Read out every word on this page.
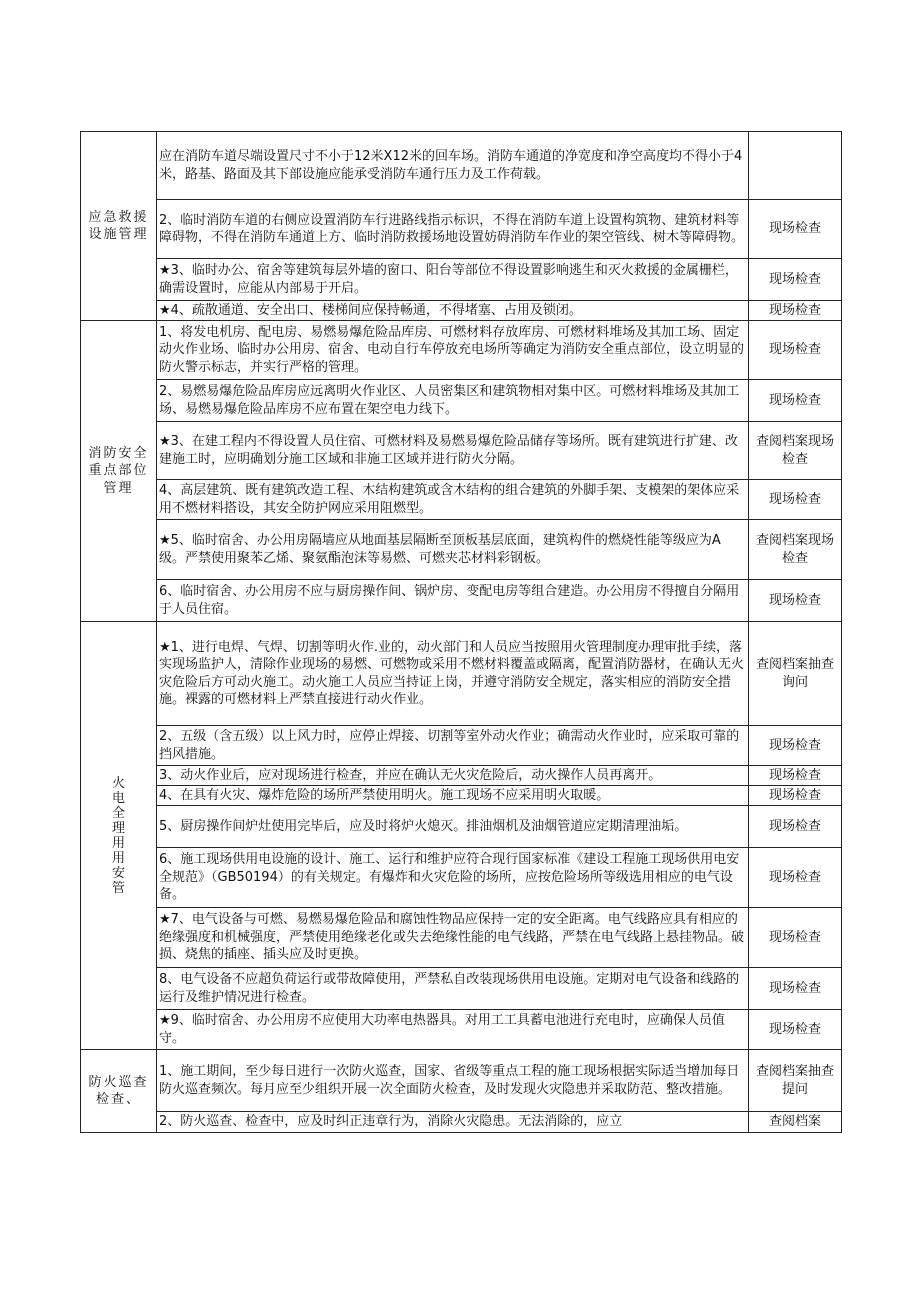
应急救援设施管理	应在消防车道尽端设置尺寸不小于12米X12米的回车场。消防车通道的净宽度和净空高度均不得小于4米，路基、路面及其下部设施应能承受消防车通行压力及工作荷载。	
	2、临时消防车道的右侧应设置消防车行进路线指示标识，不得在消防车道上设置构筑物、建筑材料等障碍物，不得在消防车通道上方、临时消防救援场地设置妨碍消防车作业的架空管线、树木等障碍物。	现场检查
	★3、临时办公、宿舍等建筑每层外墙的窗口、阳台等部位不得设置影响逃生和灭火救援的金属栅栏，确需设置时，应能从内部易于开启。	现场检查
	★4、疏散通道、安全出口、楼梯间应保持畅通，不得堵塞、占用及锁闭。	现场检查
消防安全重点部位管理	1、将发电机房、配电房、易燃易爆危险品库房、可燃材料存放库房、可燃材料堆场及其加工场、固定动火作业场、临时办公用房、宿舍、电动自行车停放充电场所等确定为消防安全重点部位，设立明显的防火警示标志，并实行严格的管理。	现场检查
	2、易燃易爆危险品库房应远离明火作业区、人员密集区和建筑物相对集中区。可燃材料堆场及其加工场、易燃易爆危险品库房不应布置在架空电力线下。	现场检查
	★3、在建工程内不得设置人员住宿、可燃材料及易燃易爆危险品储存等场所。既有建筑进行扩建、改建施工时，应明确划分施工区域和非施工区域并进行防火分隔。	查阅档案现场检查
	4、高层建筑、既有建筑改造工程、木结构建筑或含木结构的组合建筑的外脚手架、支模架的架体应采用不燃材料搭设，其安全防护网应采用阻燃型。	现场检查
	★5、临时宿舍、办公用房隔墙应从地面基层隔断至顶板基层底面，建筑构件的燃烧性能等级应为A级。严禁使用聚苯乙烯、聚氨酯泡沫等易燃、可燃夹芯材料彩钢板。	查阅档案现场检查
	6、临时宿舍、办公用房不应与厨房操作间、锅炉房、变配电房等组合建造。办公用房不得擅自分隔用于人员住宿。	现场检查

火电全理用用安管	★1、进行电焊、气焊、切割等明火作.业的，动火部门和人员应当按照用火管理制度办理审批手续，落实现场监护人，清除作业现场的易燃、可燃物或采用不燃材料覆盖或隔离，配置消防器材，在确认无火灾危险后方可动火施工。动火施工人员应当持证上岗，并遵守消防安全规定，落实相应的消防安全措施。裸露的可燃材料上严禁直接进行动火作业。	查阅档案抽查询问
	2、五级（含五级）以上风力时，应停止焊接、切割等室外动火作业；确需动火作业时，应采取可靠的挡风措施。	现场检查
	3、动火作业后，应对现场进行检查，并应在确认无火灾危险后，动火操作人员再离开。	现场检查
	4、在具有火灾、爆炸危险的场所严禁使用明火。施工现场不应采用明火取暖。	现场检查
	5、厨房操作间炉灶使用完毕后，应及时将炉火熄灭。排油烟机及油烟管道应定期清理油垢。	现场检查
	6、施工现场供用电设施的设计、施工、运行和维护应符合现行国家标准《建设工程施工现场供用电安全规范》（GB50194）的有关规定。有爆炸和火灾危险的场所，应按危险场所等级选用相应的电气设备。	现场检查
	★7、电气设备与可燃、易燃易爆危险品和腐蚀性物品应保持一定的安全距离。电气线路应具有相应的绝缘强度和机械强度，严禁使用绝缘老化或失去绝缘性能的电气线路，严禁在电气线路上悬挂物品。破损、烧焦的插座、插头应及时更换。	现场检查
	8、电气设备不应超负荷运行或带故障使用，严禁私自改装现场供用电设施。定期对电气设备和线路的运行及维护情况进行检查。	现场检查
	★9、临时宿舍、办公用房不应使用大功率电热器具。对用工工具蓄电池进行充电时，应确保人员值守。	现场检查
防火巡查检查、	1、施工期间，至少每日进行一次防火巡查，国家、省级等重点工程的施工现场根据实际适当增加每日防火巡查频次。每月应至少组织开展一次全面防火检查，及时发现火灾隐患并采取防范、整改措施。	查阅档案抽查提问
	2、防火巡查、检查中，应及时纠正违章行为，消除火灾隐患。无法消除的，应立	查阅档案
